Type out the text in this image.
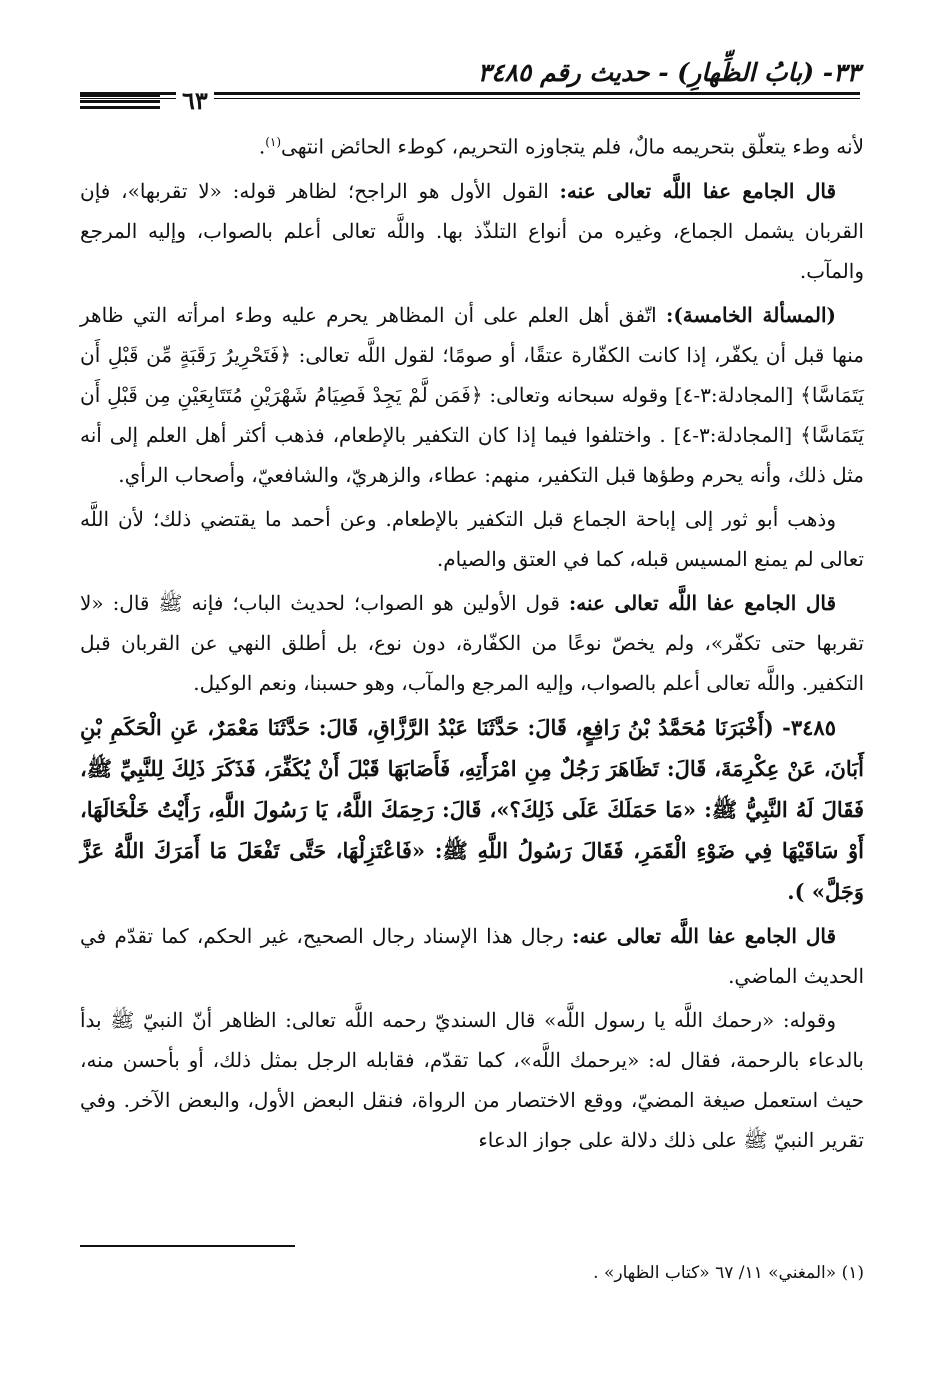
٣٣- (بابُ الظِّهارِ) - حديث رقم ٣٤٨٥
٦٣

لأنه وطء يتعلّق بتحريمه مالٌ، فلم يتجاوزه التحريم، كوطء الحائض انتهى$^{(١)}$.

قال الجامع عفا اللَّه تعالى عنه: القول الأول هو الراجح؛ لظاهر قوله: «لا تقربها»، فإن القربان يشمل الجماع، وغيره من أنواع التلذّذ بها. واللَّه تعالى أعلم بالصواب، وإليه المرجع والمآب.

(المسألة الخامسة): اتّفق أهل العلم على أن المظاهر يحرم عليه وطء امرأته التي ظاهر منها قبل أن يكفّر، إذا كانت الكفّارة عتقًا، أو صومًا؛ لقول اللَّه تعالى: ﴿فَتَحْرِيرُ رَقَبَةٍ مِّن قَبْلِ أَن يَتَمَاسَّا﴾ [المجادلة:٣-٤] وقوله سبحانه وتعالى: ﴿فَمَن لَّمْ يَجِدْ فَصِيَامُ شَهْرَيْنِ مُتَتَابِعَيْنِ مِن قَبْلِ أَن يَتَمَاسَّا﴾ [المجادلة:٣-٤] . واختلفوا فيما إذا كان التكفير بالإطعام، فذهب أكثر أهل العلم إلى أنه مثل ذلك، وأنه يحرم وطؤها قبل التكفير، منهم: عطاء، والزهريّ، والشافعيّ، وأصحاب الرأي.

وذهب أبو ثور إلى إباحة الجماع قبل التكفير بالإطعام. وعن أحمد ما يقتضي ذلك؛ لأن اللَّه تعالى لم يمنع المسيس قبله، كما في العتق والصيام.

قال الجامع عفا اللَّه تعالى عنه: قول الأولين هو الصواب؛ لحديث الباب؛ فإنه ﷺ قال: «لا تقربها حتى تكفّر»، ولم يخصّ نوعًا من الكفّارة، دون نوع، بل أطلق النهي عن القربان قبل التكفير. واللَّه تعالى أعلم بالصواب، وإليه المرجع والمآب، وهو حسبنا، ونعم الوكيل.

٣٤٨٥- (أَخْبَرَنَا مُحَمَّدُ بْنُ رَافِعٍ، قَالَ: حَدَّثَنَا عَبْدُ الرَّزَّاقِ، قَالَ: حَدَّثَنَا مَعْمَرٌ، عَنِ الْحَكَمِ بْنِ أَبَانَ، عَنْ عِكْرِمَةَ، قَالَ: تَظَاهَرَ رَجُلٌ مِنِ امْرَأَتِهِ، فَأَصَابَهَا قَبْلَ أَنْ يُكَفِّرَ، فَذَكَرَ ذَلِكَ لِلنَّبِيِّ ﷺ، فَقَالَ لَهُ النَّبِيُّ ﷺ: «مَا حَمَلَكَ عَلَى ذَلِكَ؟»، قَالَ: رَحِمَكَ اللَّهُ، يَا رَسُولَ اللَّهِ، رَأَيْتُ خَلْخَالَهَا، أَوْ سَاقَيْهَا فِي ضَوْءِ الْقَمَرِ، فَقَالَ رَسُولُ اللَّهِ ﷺ: «فَاعْتَزِلْهَا، حَتَّى تَفْعَلَ مَا أَمَرَكَ اللَّهُ عَزَّ وَجَلَّ» ).

قال الجامع عفا اللَّه تعالى عنه: رجال هذا الإسناد رجال الصحيح، غير الحكم، كما تقدّم في الحديث الماضي.

وقوله: «رحمك اللَّه يا رسول اللَّه» قال السنديّ رحمه اللَّه تعالى: الظاهر أنّ النبيّ ﷺ بدأ بالدعاء بالرحمة، فقال له: «يرحمك اللَّه»، كما تقدّم، فقابله الرجل بمثل ذلك، أو بأحسن منه، حيث استعمل صيغة المضيّ، ووقع الاختصار من الرواة، فنقل البعض الأول، والبعض الآخر. وفي تقرير النبيّ ﷺ على ذلك دلالة على جواز الدعاء

(١) «المغني» ١١/ ٦٧ «كتاب الظهار» .
